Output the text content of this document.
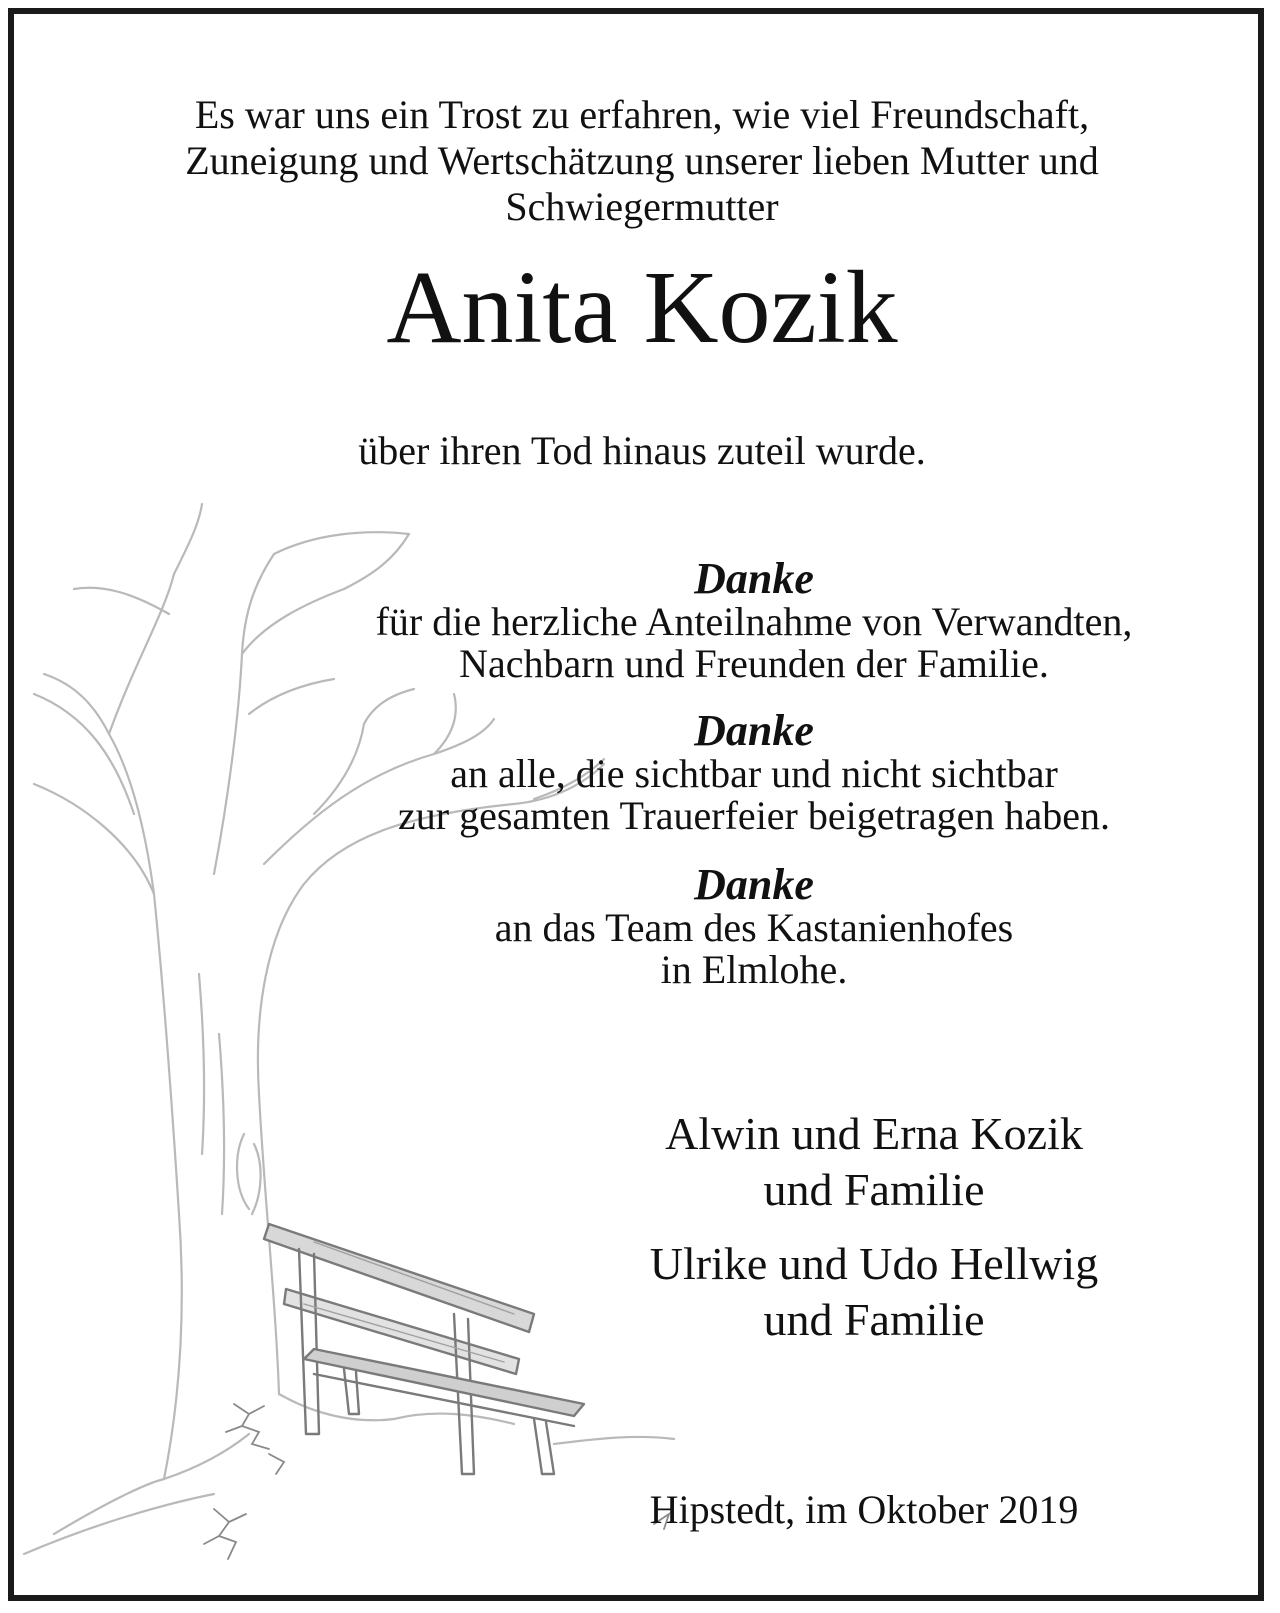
Es war uns ein Trost zu erfahren, wie viel Freundschaft,
Zuneigung und Wertschätzung unserer lieben Mutter und
Schwiegermutter
Anita Kozik
über ihren Tod hinaus zuteil wurde.
Danke
für die herzliche Anteilnahme von Verwandten,
Nachbarn und Freunden der Familie.
Danke
an alle, die sichtbar und nicht sichtbar
zur gesamten Trauerfeier beigetragen haben.
Danke
an das Team des Kastanienhofes
in Elmlohe.
Alwin und Erna Kozik
und Familie
Ulrike und Udo Hellwig
und Familie
Hipstedt, im Oktober 2019
